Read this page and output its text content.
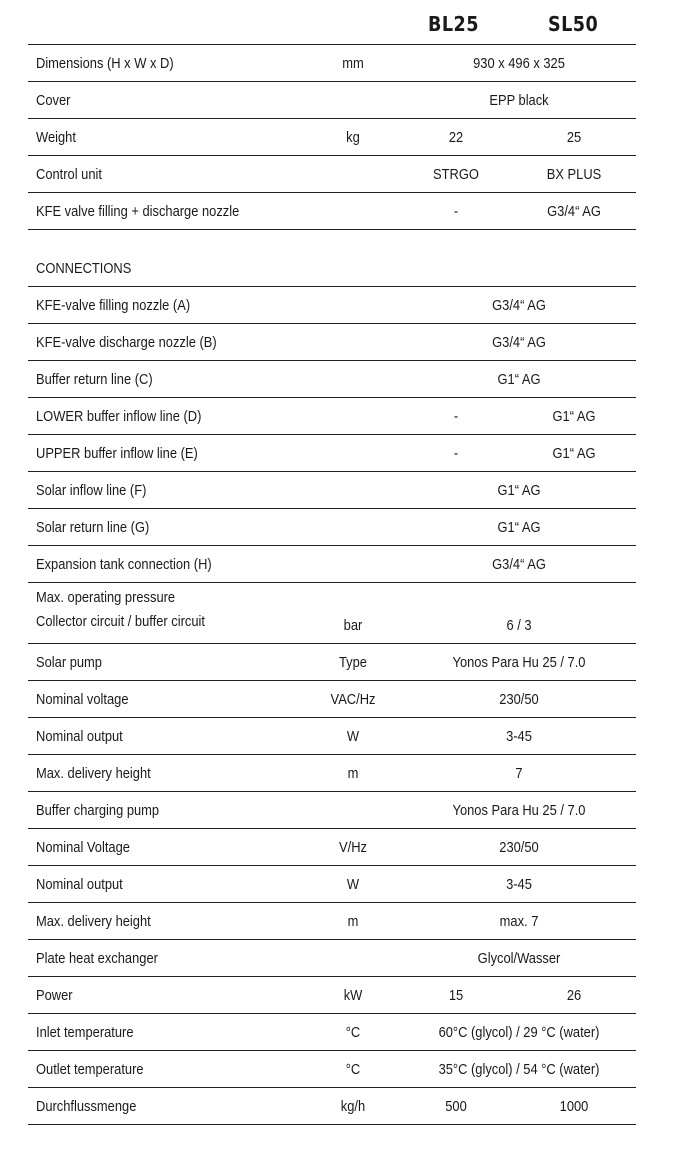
BL25	SL50
Dimensions (H x W x D)	mm	930 x 496 x 325
Cover	EPP black
Weight	kg	22	25
Control unit	STRGO	BX PLUS
KFE valve filling + discharge nozzle	-	G3/4“ AG
CONNECTIONS
KFE-valve filling nozzle (A)	G3/4“ AG
KFE-valve discharge nozzle (B)	G3/4“ AG
Buffer return line (C)	G1“ AG
LOWER buffer inflow line (D)	-	G1“ AG
UPPER buffer inflow line (E)	-	G1“ AG
Solar inflow line (F)	G1“ AG
Solar return line (G)	G1“ AG
Expansion tank connection (H)	G3/4“ AG
Max. operating pressure
Collector circuit / buffer circuit	bar	6 / 3
Solar pump	Type	Yonos Para Hu 25 / 7.0
Nominal voltage	VAC/Hz	230/50
Nominal output	W	3-45
Max. delivery height	m	7
Buffer charging pump	Yonos Para Hu 25 / 7.0
Nominal Voltage	V/Hz	230/50
Nominal output	W	3-45
Max. delivery height	m	max. 7
Plate heat exchanger	Glycol/Wasser
Power	kW	15	26
Inlet temperature	°C	60°C (glycol) / 29 °C (water)
Outlet temperature	°C	35°C (glycol) / 54 °C (water)
Durchflussmenge	kg/h	500	1000
